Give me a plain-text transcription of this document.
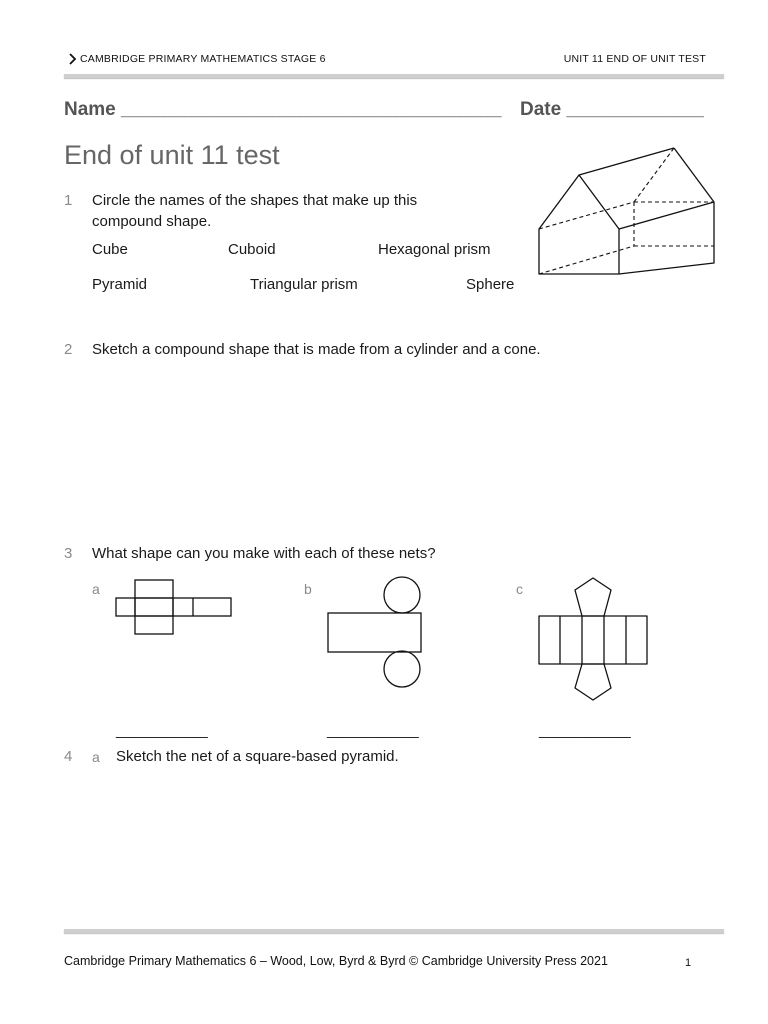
CAMBRIDGE PRIMARY MATHEMATICS STAGE 6	UNIT 11 END OF UNIT TEST
Name ____________________________________ Date _____________
End of unit 11 test
1 Circle the names of the shapes that make up this
compound shape.
Cube	Cuboid	Hexagonal prism
Pyramid	Triangular prism	Sphere
2 Sketch a compound shape that is made from a cylinder and a cone.
3 What shape can you make with each of these nets?
a	b	c
___________	___________	___________
4 a Sketch the net of a square-based pyramid.
Cambridge Primary Mathematics 6 – Wood, Low, Byrd & Byrd © Cambridge University Press 2021	1
